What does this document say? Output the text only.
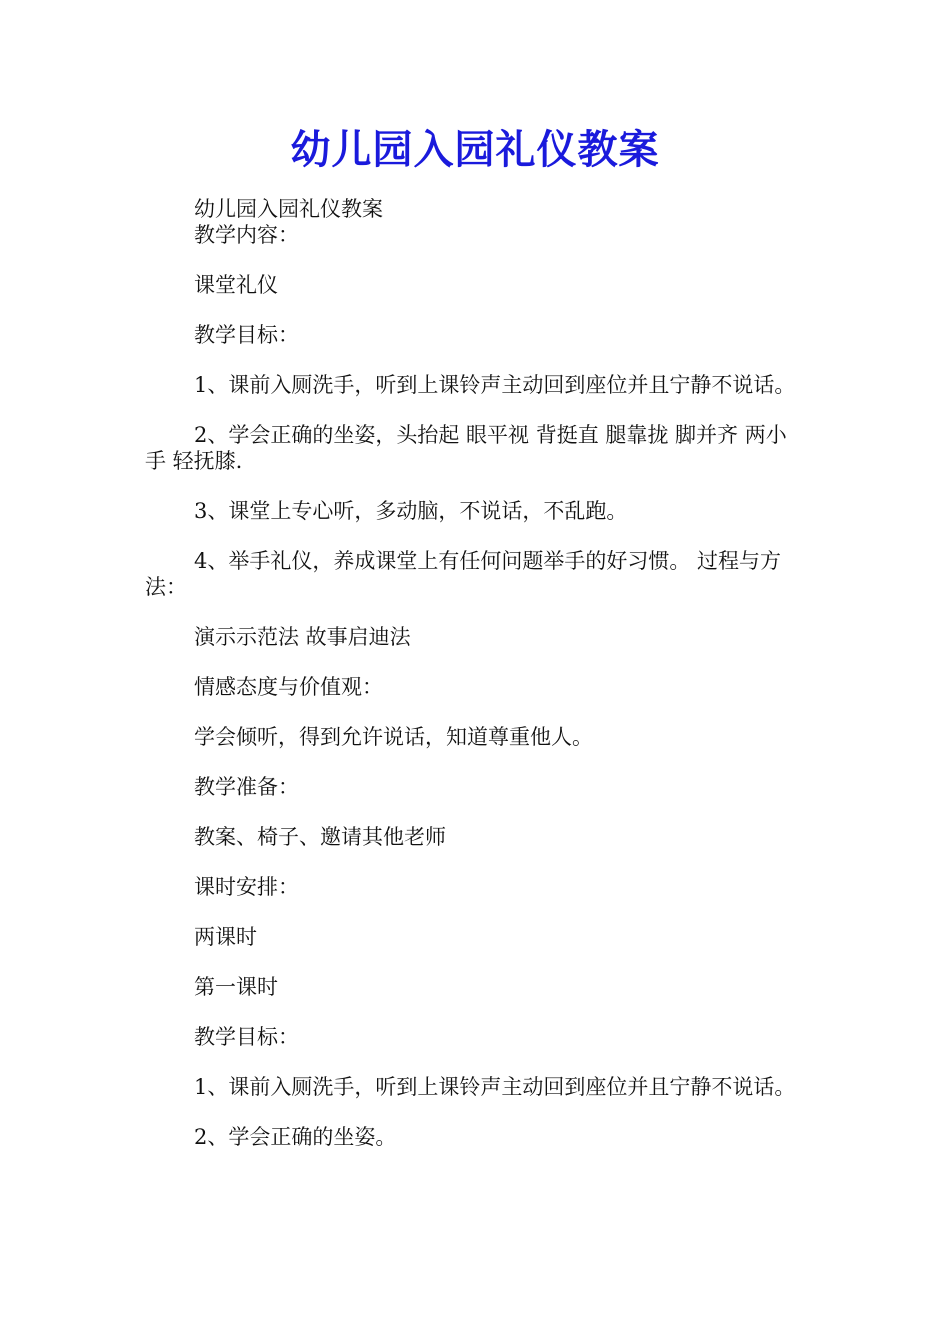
幼儿园入园礼仪教案

幼儿园入园礼仪教案

教学内容：

课堂礼仪

教学目标：

1、课前入厕洗手，听到上课铃声主动回到座位并且宁静不说话。

2、学会正确的坐姿，头抬起 眼平视 背挺直 腿靠拢 脚并齐 两小手 轻抚膝.

3、课堂上专心听，多动脑，不说话，不乱跑。

4、举手礼仪，养成课堂上有任何问题举手的好习惯。 过程与方法：

演示示范法 故事启迪法

情感态度与价值观：

学会倾听，得到允许说话，知道尊重他人。

教学准备：

教案、椅子、邀请其他老师

课时安排：

两课时

第一课时

教学目标：

1、课前入厕洗手，听到上课铃声主动回到座位并且宁静不说话。

2、学会正确的坐姿。
